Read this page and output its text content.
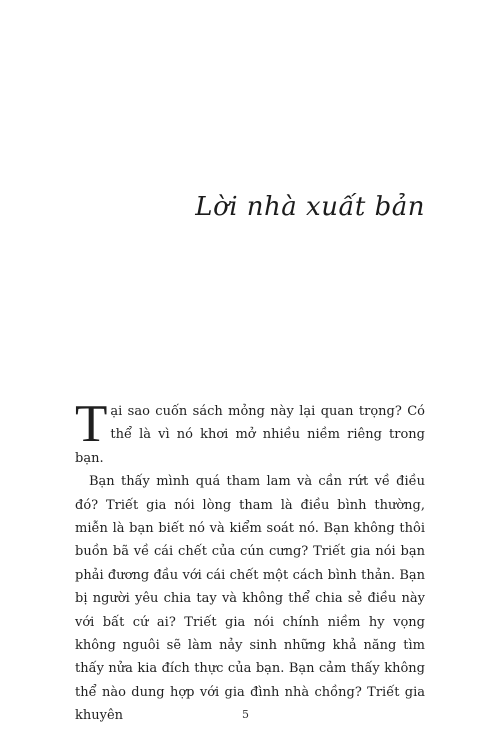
Lời nhà xuất bản

Tại sao cuốn sách mỏng này lại quan trọng? Có thể là vì nó khơi mở nhiều niềm riêng trong bạn.

Bạn thấy mình quá tham lam và cần rứt về điều đó? Triết gia nói lòng tham là điều bình thường, miễn là bạn biết nó và kiểm soát nó. Bạn không thôi buồn bã về cái chết của cún cưng? Triết gia nói bạn phải đương đầu với cái chết một cách bình thản. Bạn bị người yêu chia tay và không thể chia sẻ điều này với bất cứ ai? Triết gia nói chính niềm hy vọng không nguôi sẽ làm nảy sinh những khả năng tìm thấy nửa kia đích thực của bạn. Bạn cảm thấy không thể nào dung hợp với gia đình nhà chồng? Triết gia khuyên	5
